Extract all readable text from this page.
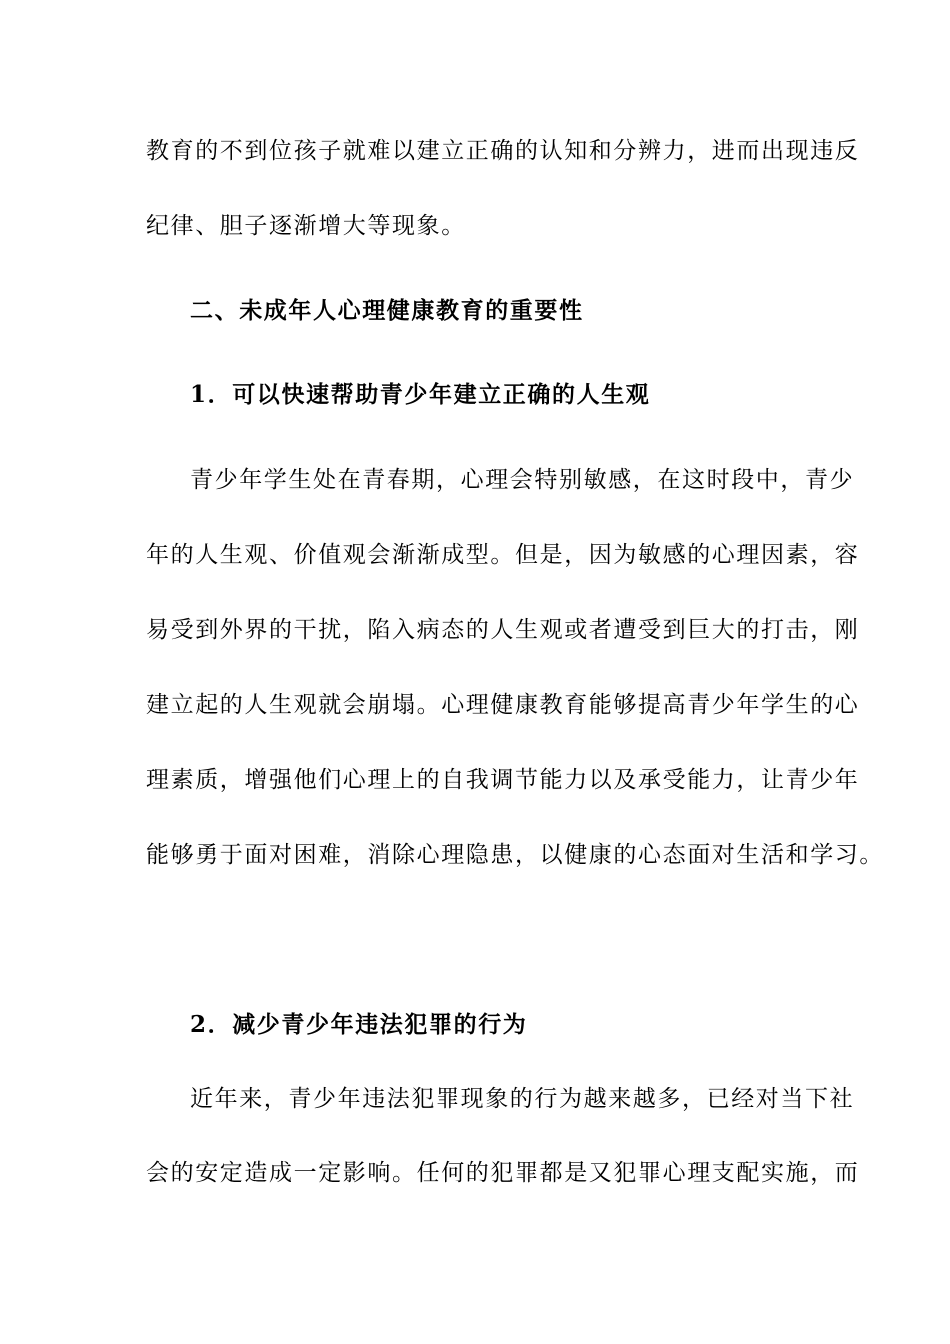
教育的不到位孩子就难以建立正确的认知和分辨力，进而出现违反
纪律、胆子逐渐增大等现象。
二、未成年人心理健康教育的重要性
1．可以快速帮助青少年建立正确的人生观
青少年学生处在青春期，心理会特别敏感，在这时段中，青少
年的人生观、价值观会渐渐成型。但是，因为敏感的心理因素，容
易受到外界的干扰，陷入病态的人生观或者遭受到巨大的打击，刚
建立起的人生观就会崩塌。心理健康教育能够提高青少年学生的心
理素质，增强他们心理上的自我调节能力以及承受能力，让青少年
能够勇于面对困难，消除心理隐患，以健康的心态面对生活和学习。
2．减少青少年违法犯罪的行为
近年来，青少年违法犯罪现象的行为越来越多，已经对当下社
会的安定造成一定影响。任何的犯罪都是又犯罪心理支配实施，而
